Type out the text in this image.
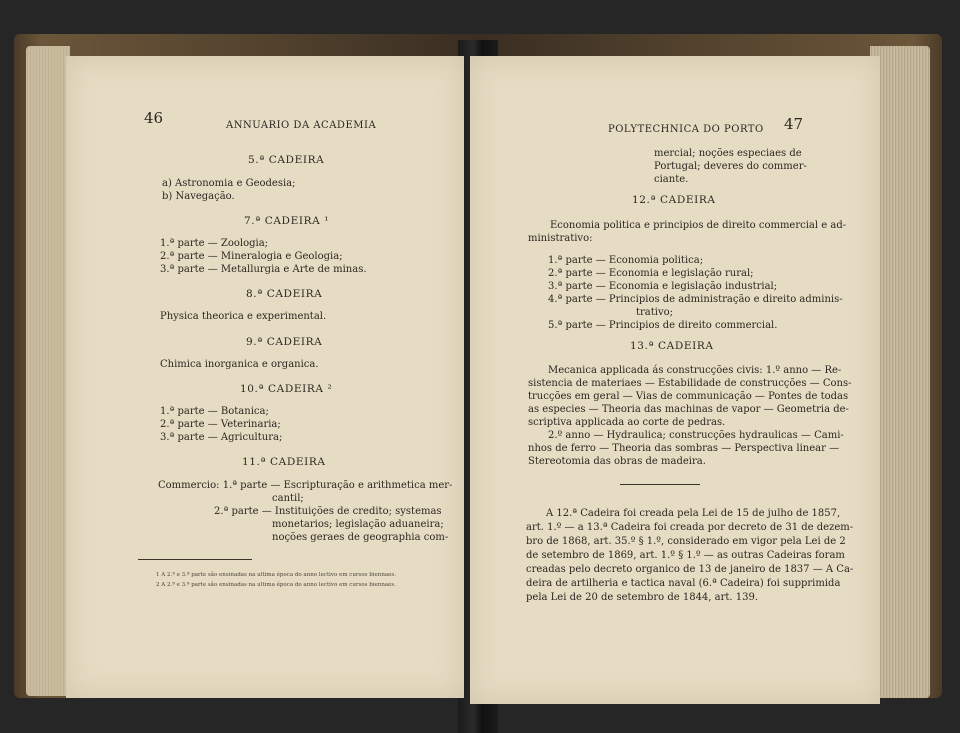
46	ANNUARIO DA ACADEMIA
5.ª CADEIRA
a) Astronomia e Geodesia;
b) Navegação.
7.ª CADEIRA ¹
1.ª parte — Zoologia;
2.ª parte — Mineralogia e Geologia;
3.ª parte — Metallurgia e Arte de minas.
8.ª CADEIRA
Physica theorica e experimental.
9.ª CADEIRA
Chimica inorganica e organica.
10.ª CADEIRA ²
1.ª parte — Botanica;
2.ª parte — Veterinaria;
3.ª parte — Agricultura;
11.ª CADEIRA
Commercio: 1.ª parte — Escripturação e arithmetica mer-
cantil;
2.ª parte — Instituições de credito; systemas
monetarios; legislação aduaneira;
noções geraes de geographia com-
1 A 2.ª e 3.ª parte são ensinadas na ultima época do anno lectivo em cursos biennaes.
2 A 2.ª e 3.ª parte são ensinadas na ultima época do anno lectivo em cursos biennaes.
POLYTECHNICA DO PORTO 47
mercial; noções especiaes de
Portugal; deveres do commer-
ciante.
12.ª CADEIRA
Economia politica e principios de direito commercial e ad-
ministrativo:
1.ª parte — Economia politica;
2.ª parte — Economia e legislação rural;
3.ª parte — Economia e legislação industrial;
4.ª parte — Principios de administração e direito adminis-
trativo;
5.ª parte — Principios de direito commercial.
13.ª CADEIRA
Mecanica applicada ás construcções civis: 1.º anno — Re-
sistencia de materiaes — Estabilidade de construcções — Cons-
trucções em geral — Vias de communicação — Pontes de todas
as especies — Theoria das machinas de vapor — Geometria de-
scriptiva applicada ao corte de pedras.
2.º anno — Hydraulica; construcções hydraulicas — Cami-
nhos de ferro — Theoria das sombras — Perspectiva linear —
Stereotomia das obras de madeira.
A 12.ª Cadeira foi creada pela Lei de 15 de julho de 1857,
art. 1.º — a 13.ª Cadeira foi creada por decreto de 31 de dezem-
bro de 1868, art. 35.º § 1.º, considerado em vigor pela Lei de 2
de setembro de 1869, art. 1.º § 1.º — as outras Cadeiras foram
creadas pelo decreto organico de 13 de janeiro de 1837 — A Ca-
deira de artilheria e tactica naval (6.ª Cadeira) foi supprimida
pela Lei de 20 de setembro de 1844, art. 139.
